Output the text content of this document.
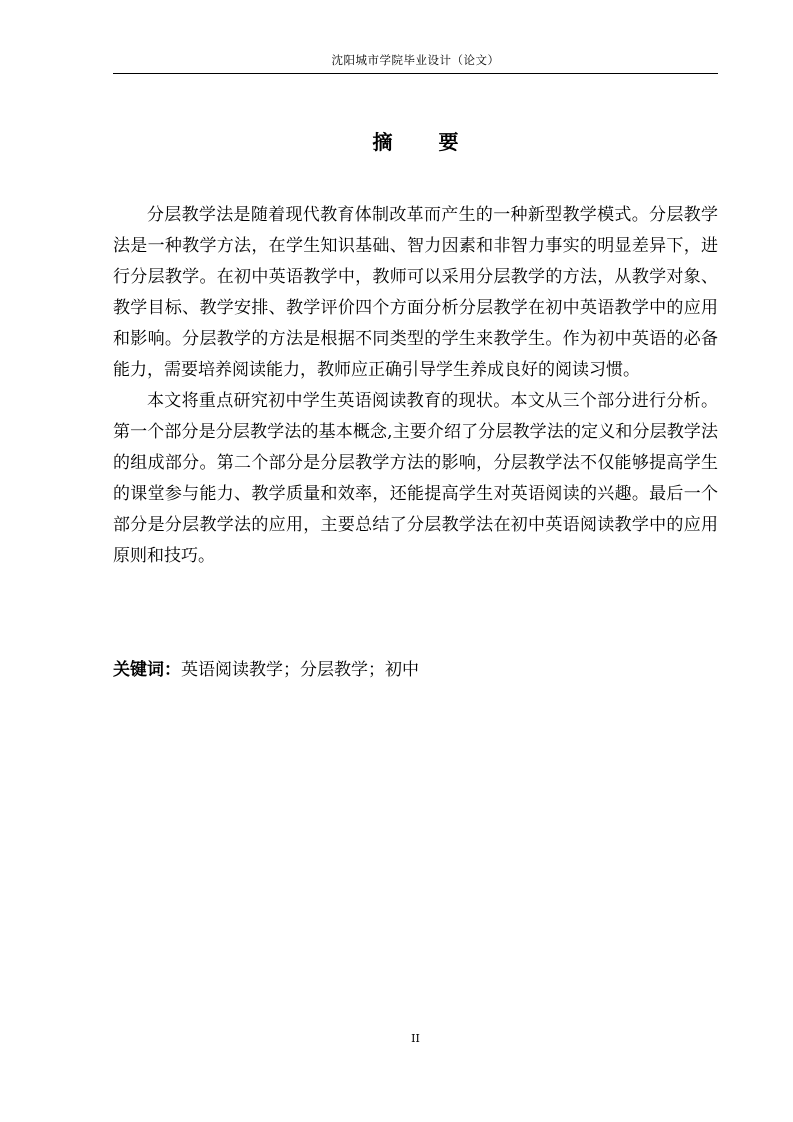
沈阳城市学院毕业设计（论文）
摘要

分层教学法是随着现代教育体制改革而产生的一种新型教学模式。分层教学法是一种教学方法，在学生知识基础、智力因素和非智力事实的明显差异下，进行分层教学。在初中英语教学中，教师可以采用分层教学的方法，从教学对象、教学目标、教学安排、教学评价四个方面分析分层教学在初中英语教学中的应用和影响。分层教学的方法是根据不同类型的学生来教学生。作为初中英语的必备能力，需要培养阅读能力，教师应正确引导学生养成良好的阅读习惯。

本文将重点研究初中学生英语阅读教育的现状。本文从三个部分进行分析。第一个部分是分层教学法的基本概念,主要介绍了分层教学法的定义和分层教学法的组成部分。第二个部分是分层教学方法的影响，分层教学法不仅能够提高学生的课堂参与能力、教学质量和效率，还能提高学生对英语阅读的兴趣。最后一个部分是分层教学法的应用，主要总结了分层教学法在初中英语阅读教学中的应用原则和技巧。

关键词：英语阅读教学；分层教学；初中
II
